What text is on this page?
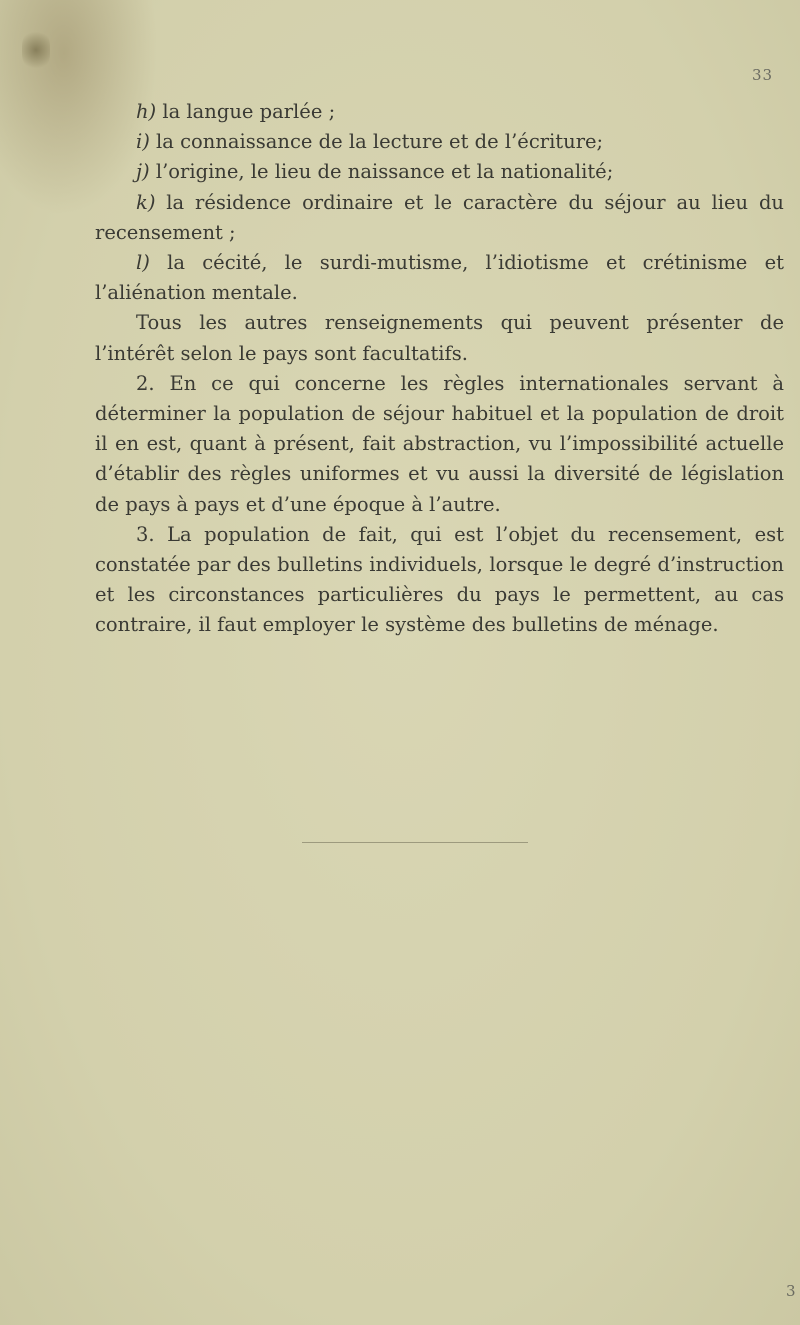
33

h) la langue parlée ;

i) la connaissance de la lecture et de l’écriture;

j) l’origine, le lieu de naissance et la nationalité;

k) la résidence ordinaire et le caractère du séjour au lieu du recensement ;

l) la cécité, le surdi-mutisme, l’idiotisme et crétinisme et l’aliénation mentale.

Tous les autres renseignements qui peuvent présenter de l’intérêt selon le pays sont facultatifs.

2. En ce qui concerne les règles internationales servant à déterminer la population de séjour habituel et la population de droit il en est, quant à présent, fait abstraction, vu l’impossibilité actuelle d’établir des règles uniformes et vu aussi la diversité de législation de pays à pays et d’une époque à l’autre.

3. La population de fait, qui est l’objet du recensement, est constatée par des bulletins individuels, lorsque le degré d’instruction et les circonstances particulières du pays le permettent, au cas contraire, il faut employer le système des bulletins de ménage.

3
